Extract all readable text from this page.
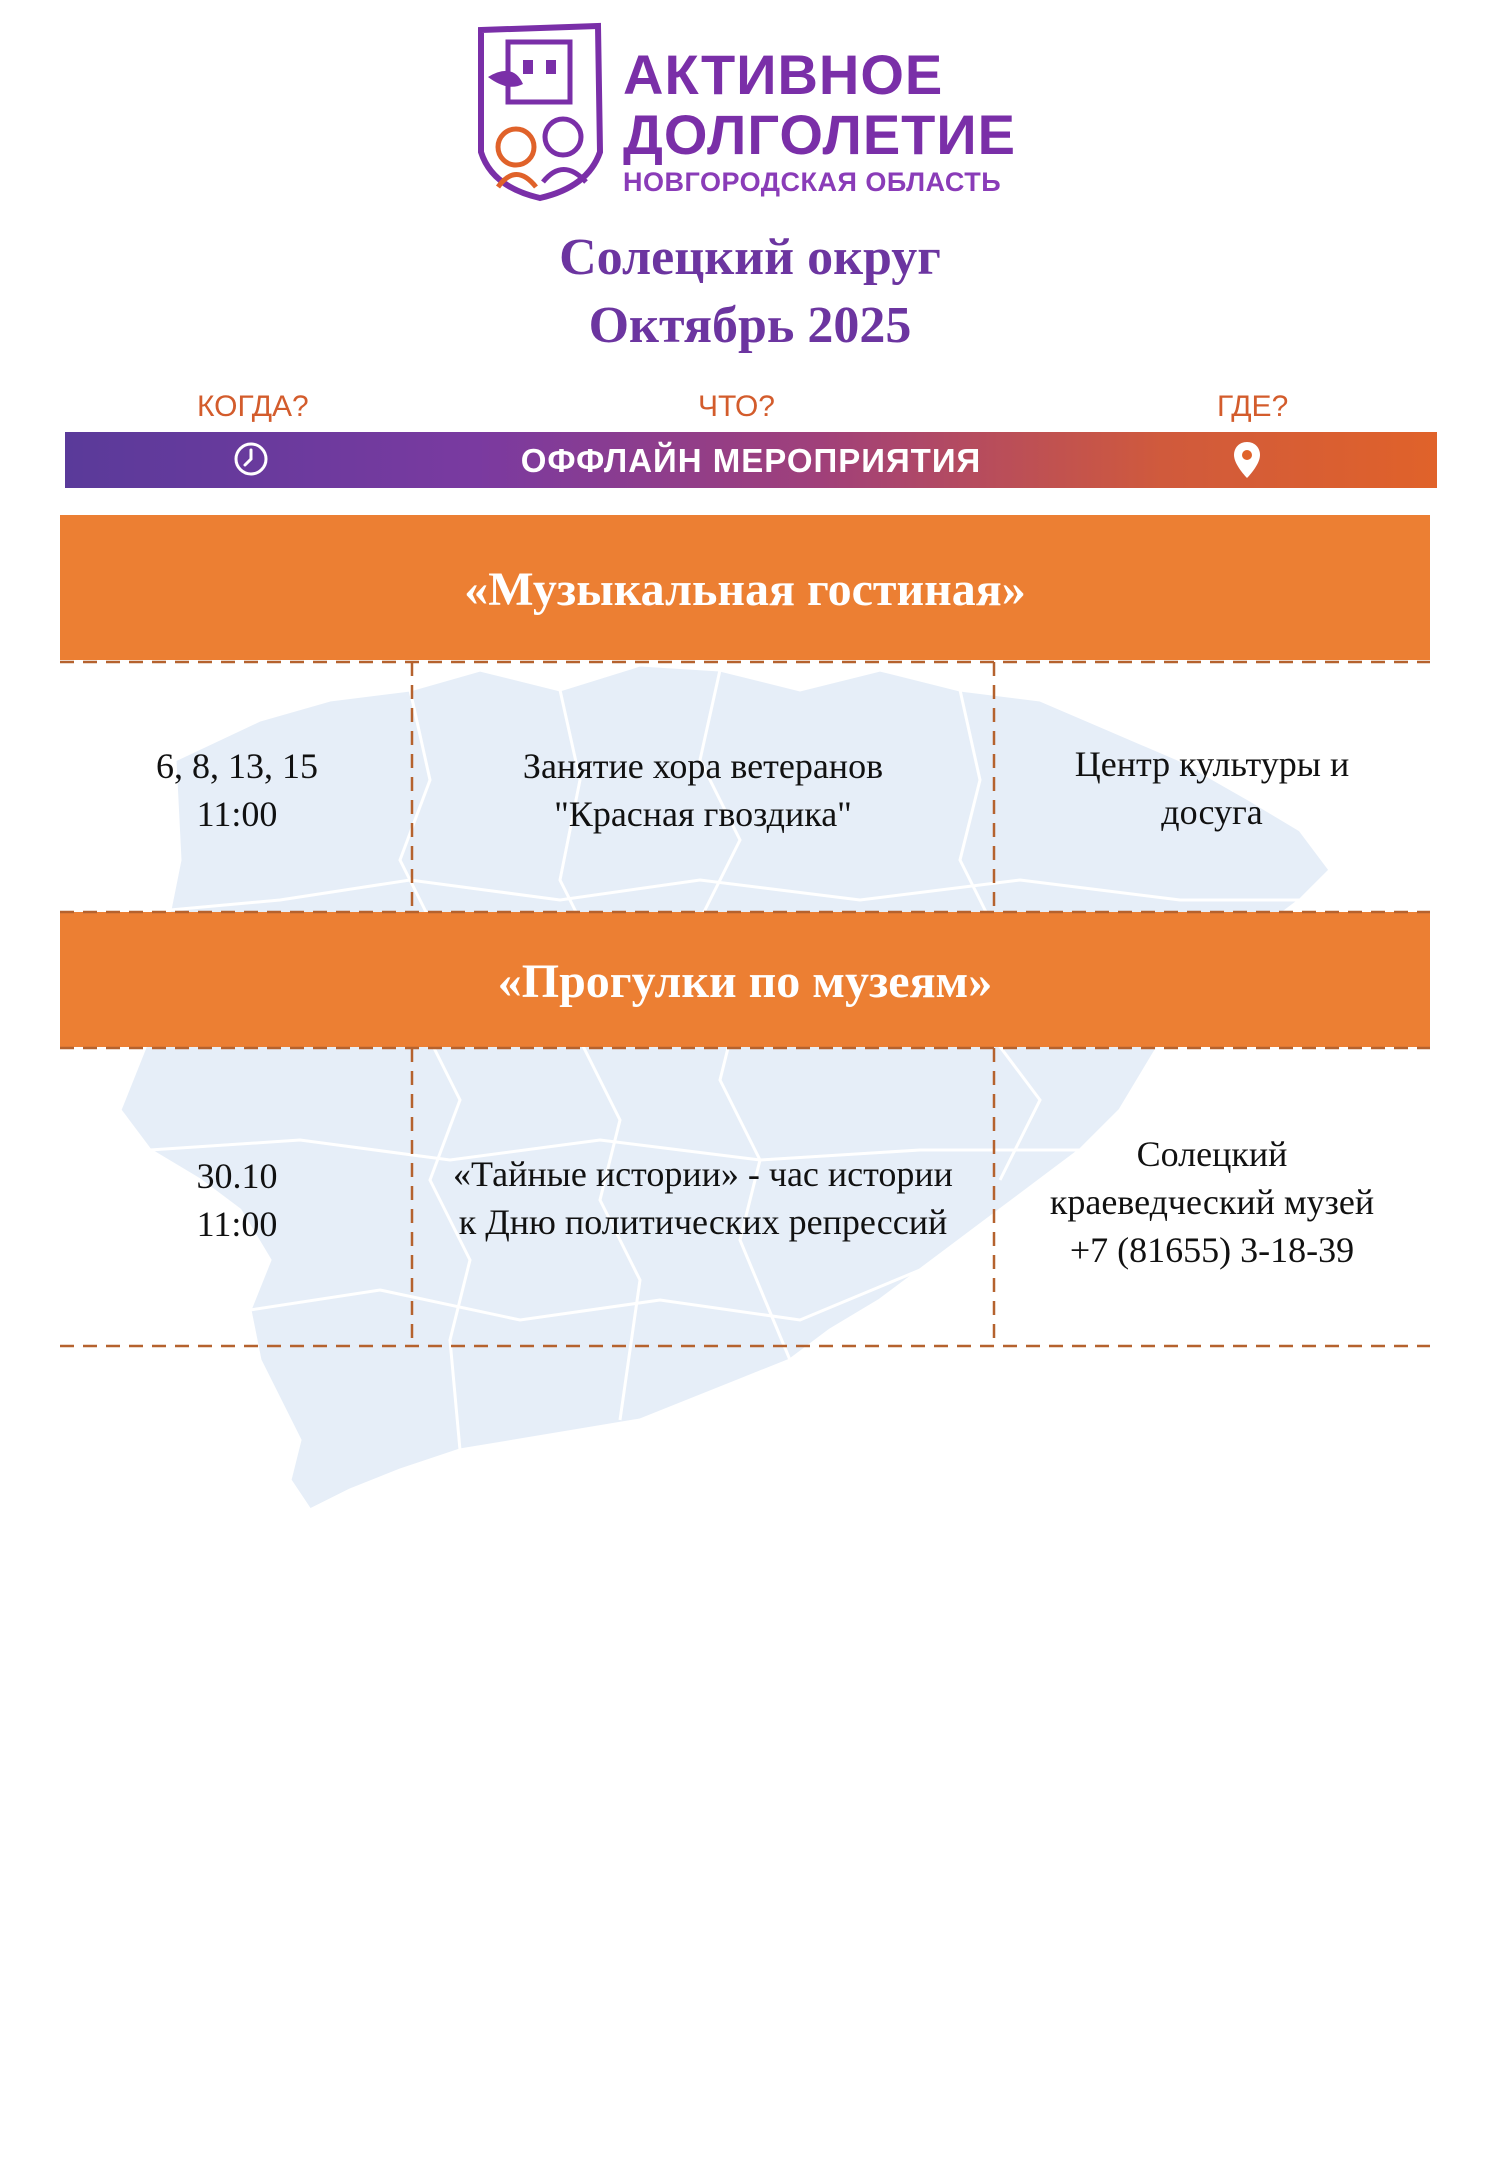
АКТИВНОЕ
ДОЛГОЛЕТИЕ
НОВГОРОДСКАЯ ОБЛАСТЬ
Солецкий округ
Октябрь 2025
КОГДА?	ЧТО?	ГДЕ?
ОФФЛАЙН МЕРОПРИЯТИЯ
«Музыкальная гостиная»
6, 8, 13, 15
11:00
Занятие хора ветеранов
"Красная гвоздика"
Центр культуры и
досуга
«Прогулки по музеям»
30.10
11:00
«Тайные истории» - час истории
к Дню политических репрессий
Солецкий
краеведческий музей
+7 (81655) 3-18-39
